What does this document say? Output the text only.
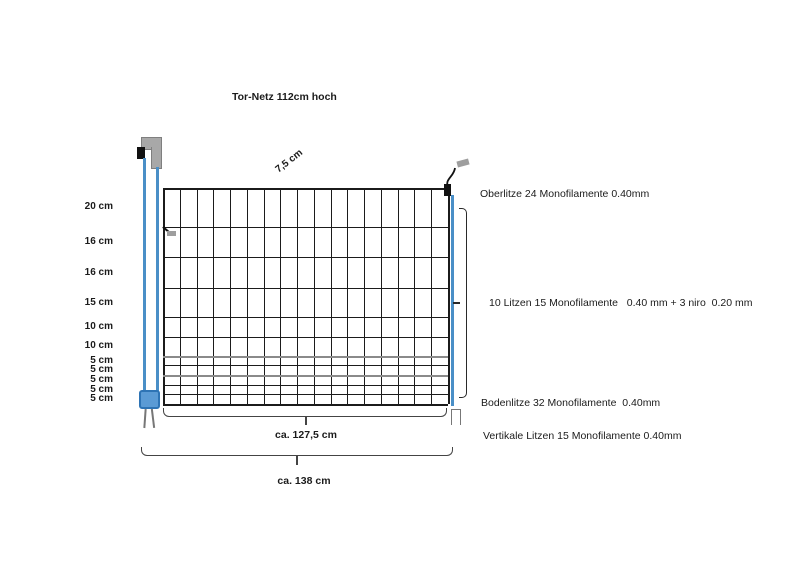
Tor-Netz 112cm hoch
7,5 cm
Oberlitze 24 Monofilamente 0.40mm
10 Litzen 15 Monofilamente   0.40 mm + 3 niro  0.20 mm
Bodenlitze 32 Monofilamente  0.40mm
Vertikale Litzen 15 Monofilamente 0.40mm
ca. 127,5 cm
ca. 138 cm
20 cm
16 cm
16 cm
15 cm
10 cm
10 cm
5 cm
5 cm
5 cm
5 cm
5 cm
